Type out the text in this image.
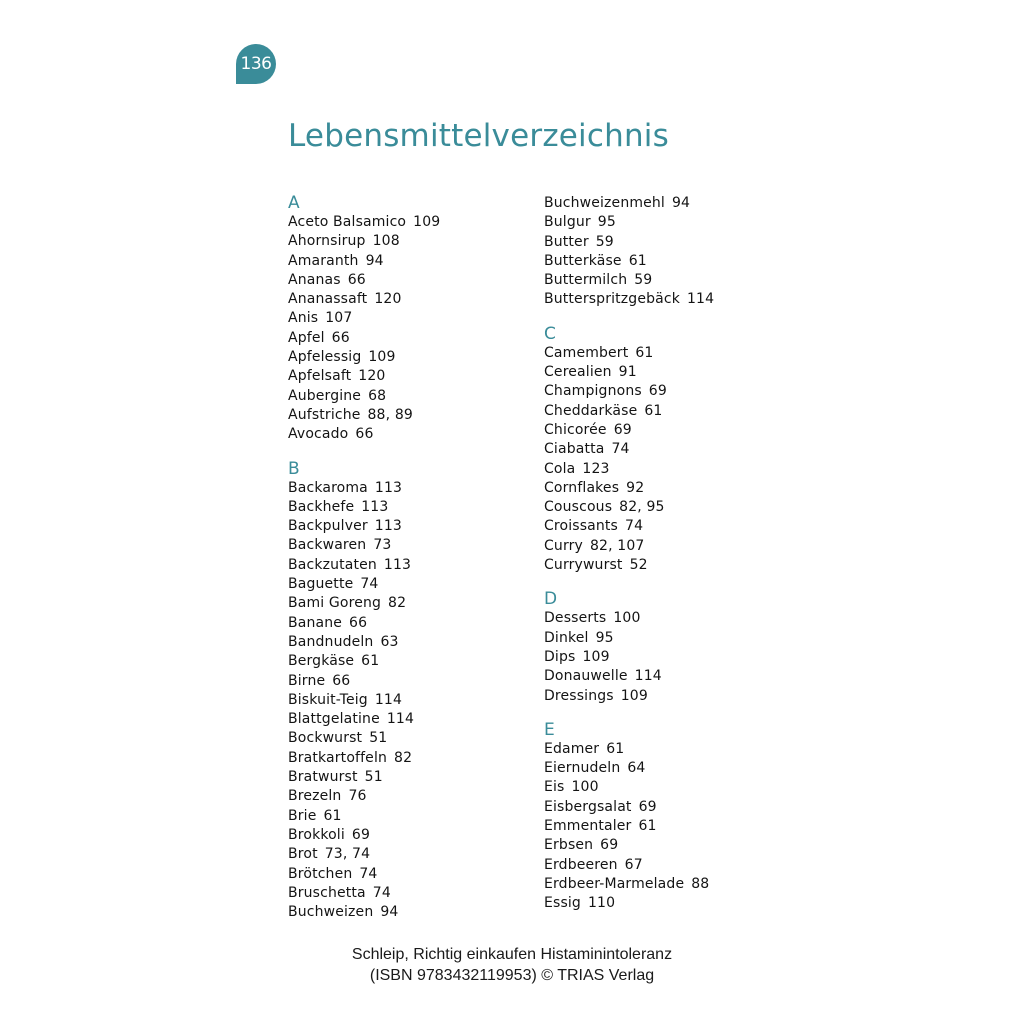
136
Lebensmittelverzeichnis
A
Aceto Balsamico 109
Ahornsirup 108
Amaranth 94
Ananas 66
Ananassaft 120
Anis 107
Apfel 66
Apfelessig 109
Apfelsaft 120
Aubergine 68
Aufstriche 88, 89
Avocado 66
B
Backaroma 113
Backhefe 113
Backpulver 113
Backwaren 73
Backzutaten 113
Baguette 74
Bami Goreng 82
Banane 66
Bandnudeln 63
Bergkäse 61
Birne 66
Biskuit-Teig 114
Blattgelatine 114
Bockwurst 51
Bratkartoffeln 82
Bratwurst 51
Brezeln 76
Brie 61
Brokkoli 69
Brot 73, 74
Brötchen 74
Bruschetta 74
Buchweizen 94
Buchweizenmehl 94
Bulgur 95
Butter 59
Butterkäse 61
Buttermilch 59
Butterspritzgebäck 114
C
Camembert 61
Cerealien 91
Champignons 69
Cheddarkäse 61
Chicorée 69
Ciabatta 74
Cola 123
Cornflakes 92
Couscous 82, 95
Croissants 74
Curry 82, 107
Currywurst 52
D
Desserts 100
Dinkel 95
Dips 109
Donauwelle 114
Dressings 109
E
Edamer 61
Eiernudeln 64
Eis 100
Eisbergsalat 69
Emmentaler 61
Erbsen 69
Erdbeeren 67
Erdbeer-Marmelade 88
Essig 110
Schleip, Richtig einkaufen Histaminintoleranz
(ISBN 9783432119953) © TRIAS Verlag
